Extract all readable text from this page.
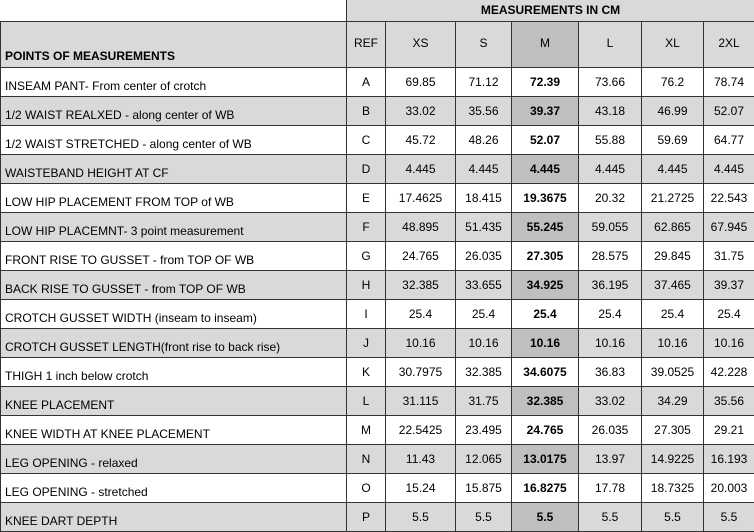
	MEASUREMENTS IN CM						
POINTS OF MEASUREMENTS	REF	XS	S	M	L	XL	2XL
INSEAM PANT- From center of crotch	A	69.85	71.12	72.39	73.66	76.2	78.74
1/2 WAIST REALXED - along center of WB	B	33.02	35.56	39.37	43.18	46.99	52.07
1/2 WAIST STRETCHED - along center of WB	C	45.72	48.26	52.07	55.88	59.69	64.77
WAISTEBAND HEIGHT AT CF	D	4.445	4.445	4.445	4.445	4.445	4.445
LOW HIP PLACEMENT FROM TOP of WB	E	17.4625	18.415	19.3675	20.32	21.2725	22.543
LOW HIP PLACEMNT- 3 point measurement	F	48.895	51.435	55.245	59.055	62.865	67.945
FRONT RISE TO GUSSET - from TOP OF WB	G	24.765	26.035	27.305	28.575	29.845	31.75
BACK RISE TO GUSSET - from TOP OF WB	H	32.385	33.655	34.925	36.195	37.465	39.37
CROTCH GUSSET WIDTH (inseam to inseam)	I	25.4	25.4	25.4	25.4	25.4	25.4
CROTCH GUSSET LENGTH(front rise to back rise)	J	10.16	10.16	10.16	10.16	10.16	10.16
THIGH 1 inch below crotch	K	30.7975	32.385	34.6075	36.83	39.0525	42.228
KNEE PLACEMENT	L	31.115	31.75	32.385	33.02	34.29	35.56
KNEE WIDTH AT KNEE PLACEMENT	M	22.5425	23.495	24.765	26.035	27.305	29.21
LEG OPENING - relaxed	N	11.43	12.065	13.0175	13.97	14.9225	16.193
LEG OPENING - stretched	O	15.24	15.875	16.8275	17.78	18.7325	20.003
KNEE DART DEPTH	P	5.5	5.5	5.5	5.5	5.5	5.5
